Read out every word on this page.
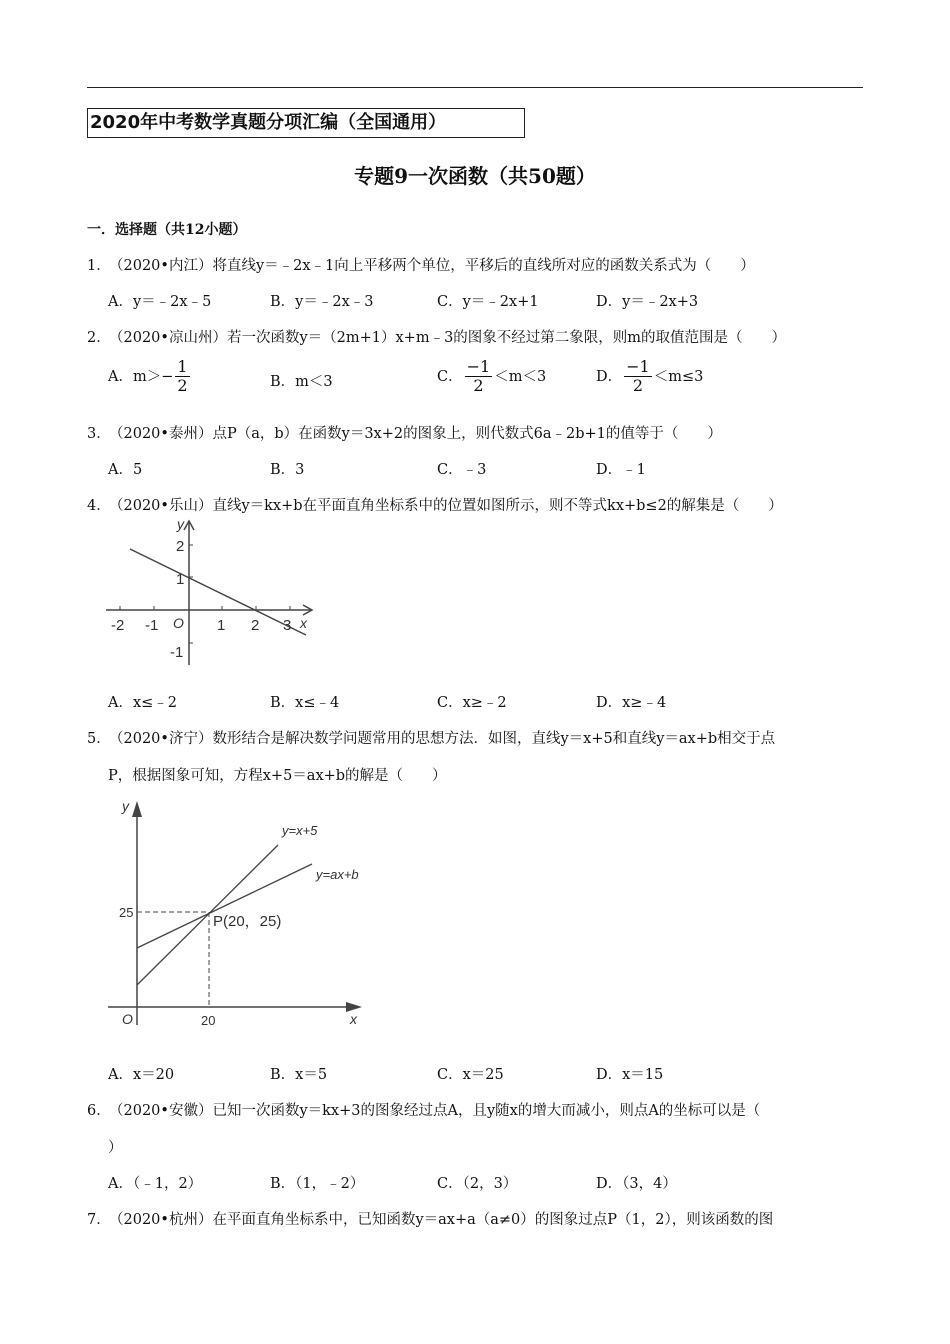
2020年中考数学真题分项汇编（全国通用）
专题9一次函数（共50题）
一．选择题（共12小题）
1．（2020•内江）将直线y＝﹣2x﹣1向上平移两个单位，平移后的直线所对应的函数关系式为（　　）
A．y＝﹣2x﹣5	B．y＝﹣2x﹣3	C．y＝﹣2x+1	D．y＝﹣2x+3
2．（2020•凉山州）若一次函数y＝（2m+1）x+m﹣3的图象不经过第二象限，则m的取值范围是（　　）
A．$m>- \frac{1}{2}$	B．m＜3	C． $\frac{-1}{2} <m<3$	D． $\frac{-1}{2} <m\le 3$
3．（2020•泰州）点P（a，b）在函数y＝3x+2的图象上，则代数式6a﹣2b+1的值等于（　　）
A．5	B．3	C．﹣3	D．﹣1
4．（2020•乐山）直线y＝kx+b在平面直角坐标系中的位置如图所示，则不等式kx+b≤2的解集是（　　）
y
x
O
-2 -1	1 2 3
2
1
-1
A．x≤﹣2	B．x≤﹣4	C．x≥﹣2	D．x≥﹣4
5．（2020•济宁）数形结合是解决数学问题常用的思想方法．如图，直线y＝x+5和直线y＝ax+b相交于点
P，根据图象可知，方程x+5＝ax+b的解是（　　）
y
x
O
y=x+5
y=ax+b
P(20，25)
25
20
A．x＝20	B．x＝5	C．x＝25	D．x＝15
6．（2020•安徽）已知一次函数y＝kx+3的图象经过点A，且y随x的增大而减小，则点A的坐标可以是（
）
A．（﹣1，2）	B．（1，﹣2）	C．（2，3）	D．（3，4）
7．（2020•杭州）在平面直角坐标系中，已知函数y＝ax+a（a≠0）的图象过点P（1，2），则该函数的图
